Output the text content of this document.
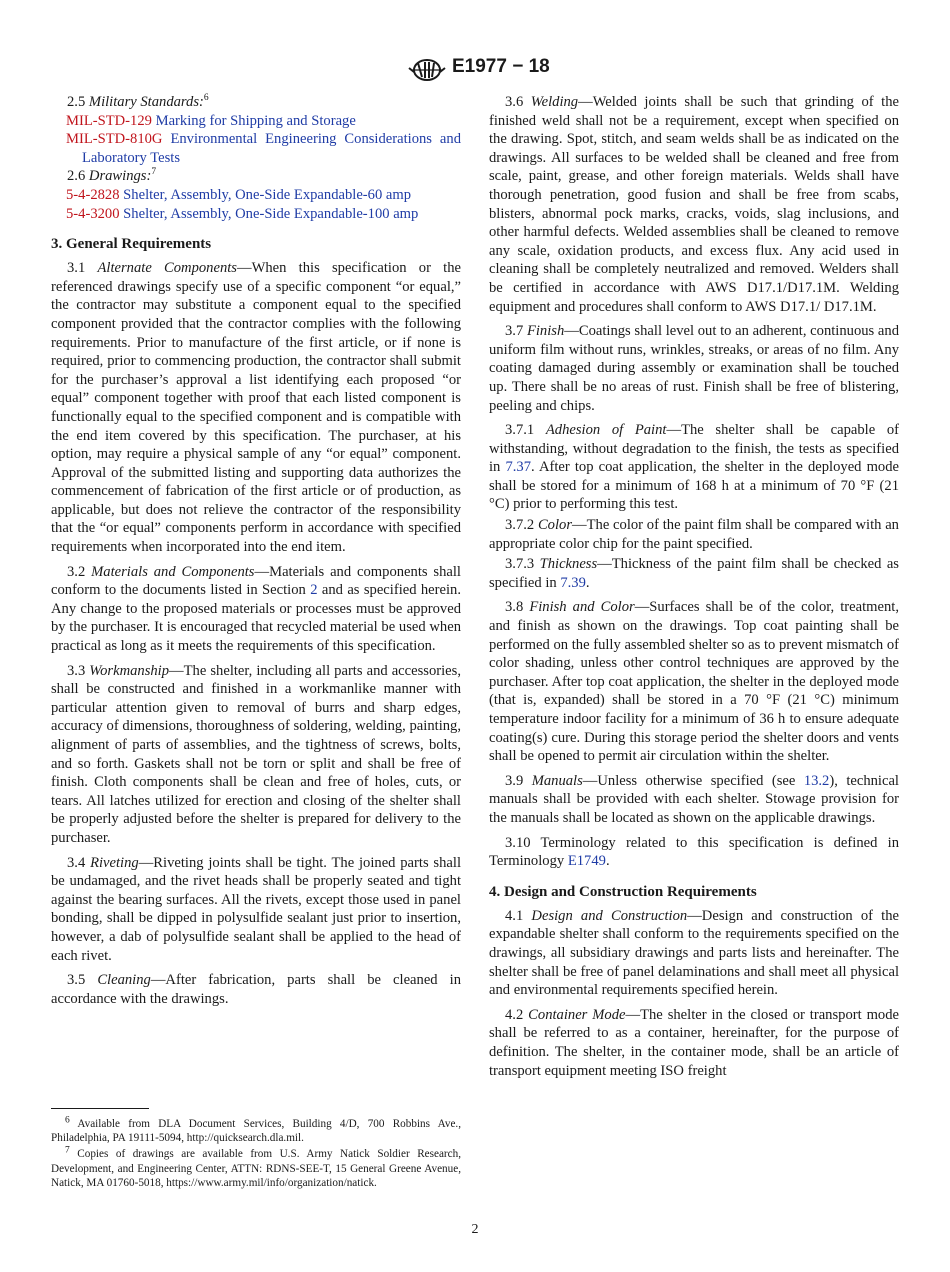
E1977 − 18

2.5 Military Standards:$^6$

MIL-STD-129 Marking for Shipping and Storage

MIL-STD-810G Environmental Engineering Considerations and Laboratory Tests

2.6 Drawings:$^7$

5-4-2828 Shelter, Assembly, One-Side Expandable-60 amp

5-4-3200 Shelter, Assembly, One-Side Expandable-100 amp

3. General Requirements

3.1 Alternate Components—When this specification or the referenced drawings specify use of a specific component “or equal,” the contractor may substitute a component equal to the specified component provided that the contractor complies with the following requirements. Prior to manufacture of the first article, or if none is required, prior to commencing production, the contractor shall submit for the purchaser’s approval a list identifying each proposed “or equal” component together with proof that each listed component is functionally equal to the specified component and is compatible with the end item covered by this specification. The purchaser, at his option, may require a physical sample of any “or equal” component. Approval of the submitted listing and supporting data authorizes the commencement of fabrication of the first article or of production, as applicable, but does not relieve the contractor of the responsibility that the “or equal” components perform in accordance with specified requirements when incorporated into the end item.

3.2 Materials and Components—Materials and components shall conform to the documents listed in Section 2 and as specified herein. Any change to the proposed materials or processes must be approved by the purchaser. It is encouraged that recycled material be used when practical as long as it meets the requirements of this specification.

3.3 Workmanship—The shelter, including all parts and accessories, shall be constructed and finished in a workmanlike manner with particular attention given to removal of burrs and sharp edges, accuracy of dimensions, thoroughness of soldering, welding, painting, alignment of parts of assemblies, and the tightness of screws, bolts, and so forth. Gaskets shall not be torn or split and shall be free of finish. Cloth components shall be clean and free of holes, cuts, or tears. All latches utilized for erection and closing of the shelter shall be properly adjusted before the shelter is prepared for delivery to the purchaser.

3.4 Riveting—Riveting joints shall be tight. The joined parts shall be undamaged, and the rivet heads shall be properly seated and tight against the bearing surfaces. All the rivets, except those used in panel bonding, shall be dipped in polysulfide sealant just prior to insertion, however, a dab of polysulfide sealant shall be applied to the head of each rivet.

3.5 Cleaning—After fabrication, parts shall be cleaned in accordance with the drawings.

$^6$ Available from DLA Document Services, Building 4/D, 700 Robbins Ave., Philadelphia, PA 19111-5094, http://quicksearch.dla.mil.

$^7$ Copies of drawings are available from U.S. Army Natick Soldier Research, Development, and Engineering Center, ATTN: RDNS-SEE-T, 15 General Greene Avenue, Natick, MA 01760-5018, https://www.army.mil/info/organization/natick.

3.6 Welding—Welded joints shall be such that grinding of the finished weld shall not be a requirement, except when specified on the drawing. Spot, stitch, and seam welds shall be as indicated on the drawings. All surfaces to be welded shall be cleaned and free from scale, paint, grease, and other foreign materials. Welds shall have thorough penetration, good fusion and shall be free from scabs, blisters, abnormal pock marks, cracks, voids, slag inclusions, and other harmful defects. Welded assemblies shall be cleaned to remove any scale, oxidation products, and excess flux. Any acid used in cleaning shall be completely neutralized and removed. Welders shall be certified in accordance with AWS D17.1/D17.1M. Welding equipment and procedures shall conform to AWS D17.1/ D17.1M.

3.7 Finish—Coatings shall level out to an adherent, continuous and uniform film without runs, wrinkles, streaks, or areas of no film. Any coating damaged during assembly or examination shall be touched up. There shall be no areas of rust. Finish shall be free of blistering, peeling and chips.

3.7.1 Adhesion of Paint—The shelter shall be capable of withstanding, without degradation to the finish, the tests as specified in 7.37. After top coat application, the shelter in the deployed mode shall be stored for a minimum of 168 h at a minimum of 70 °F (21 °C) prior to performing this test.

3.7.2 Color—The color of the paint film shall be compared with an appropriate color chip for the paint specified.

3.7.3 Thickness—Thickness of the paint film shall be checked as specified in 7.39.

3.8 Finish and Color—Surfaces shall be of the color, treatment, and finish as shown on the drawings. Top coat painting shall be performed on the fully assembled shelter so as to prevent mismatch of color shading, unless other control techniques are approved by the purchaser. After top coat application, the shelter in the deployed mode (that is, expanded) shall be stored in a 70 °F (21 °C) minimum temperature indoor facility for a minimum of 36 h to ensure adequate coating(s) cure. During this storage period the shelter doors and vents shall be opened to permit air circulation within the shelter.

3.9 Manuals—Unless otherwise specified (see 13.2), technical manuals shall be provided with each shelter. Stowage provision for the manuals shall be located as shown on the applicable drawings.

3.10 Terminology related to this specification is defined in Terminology E1749.

4. Design and Construction Requirements

4.1 Design and Construction—Design and construction of the expandable shelter shall conform to the requirements specified on the drawings, all subsidiary drawings and parts lists and hereinafter. The shelter shall be free of panel delaminations and shall meet all physical and environmental requirements specified herein.

4.2 Container Mode—The shelter in the closed or transport mode shall be referred to as a container, hereinafter, for the purpose of definition. The shelter, in the container mode, shall be an article of transport equipment meeting ISO freight

2
